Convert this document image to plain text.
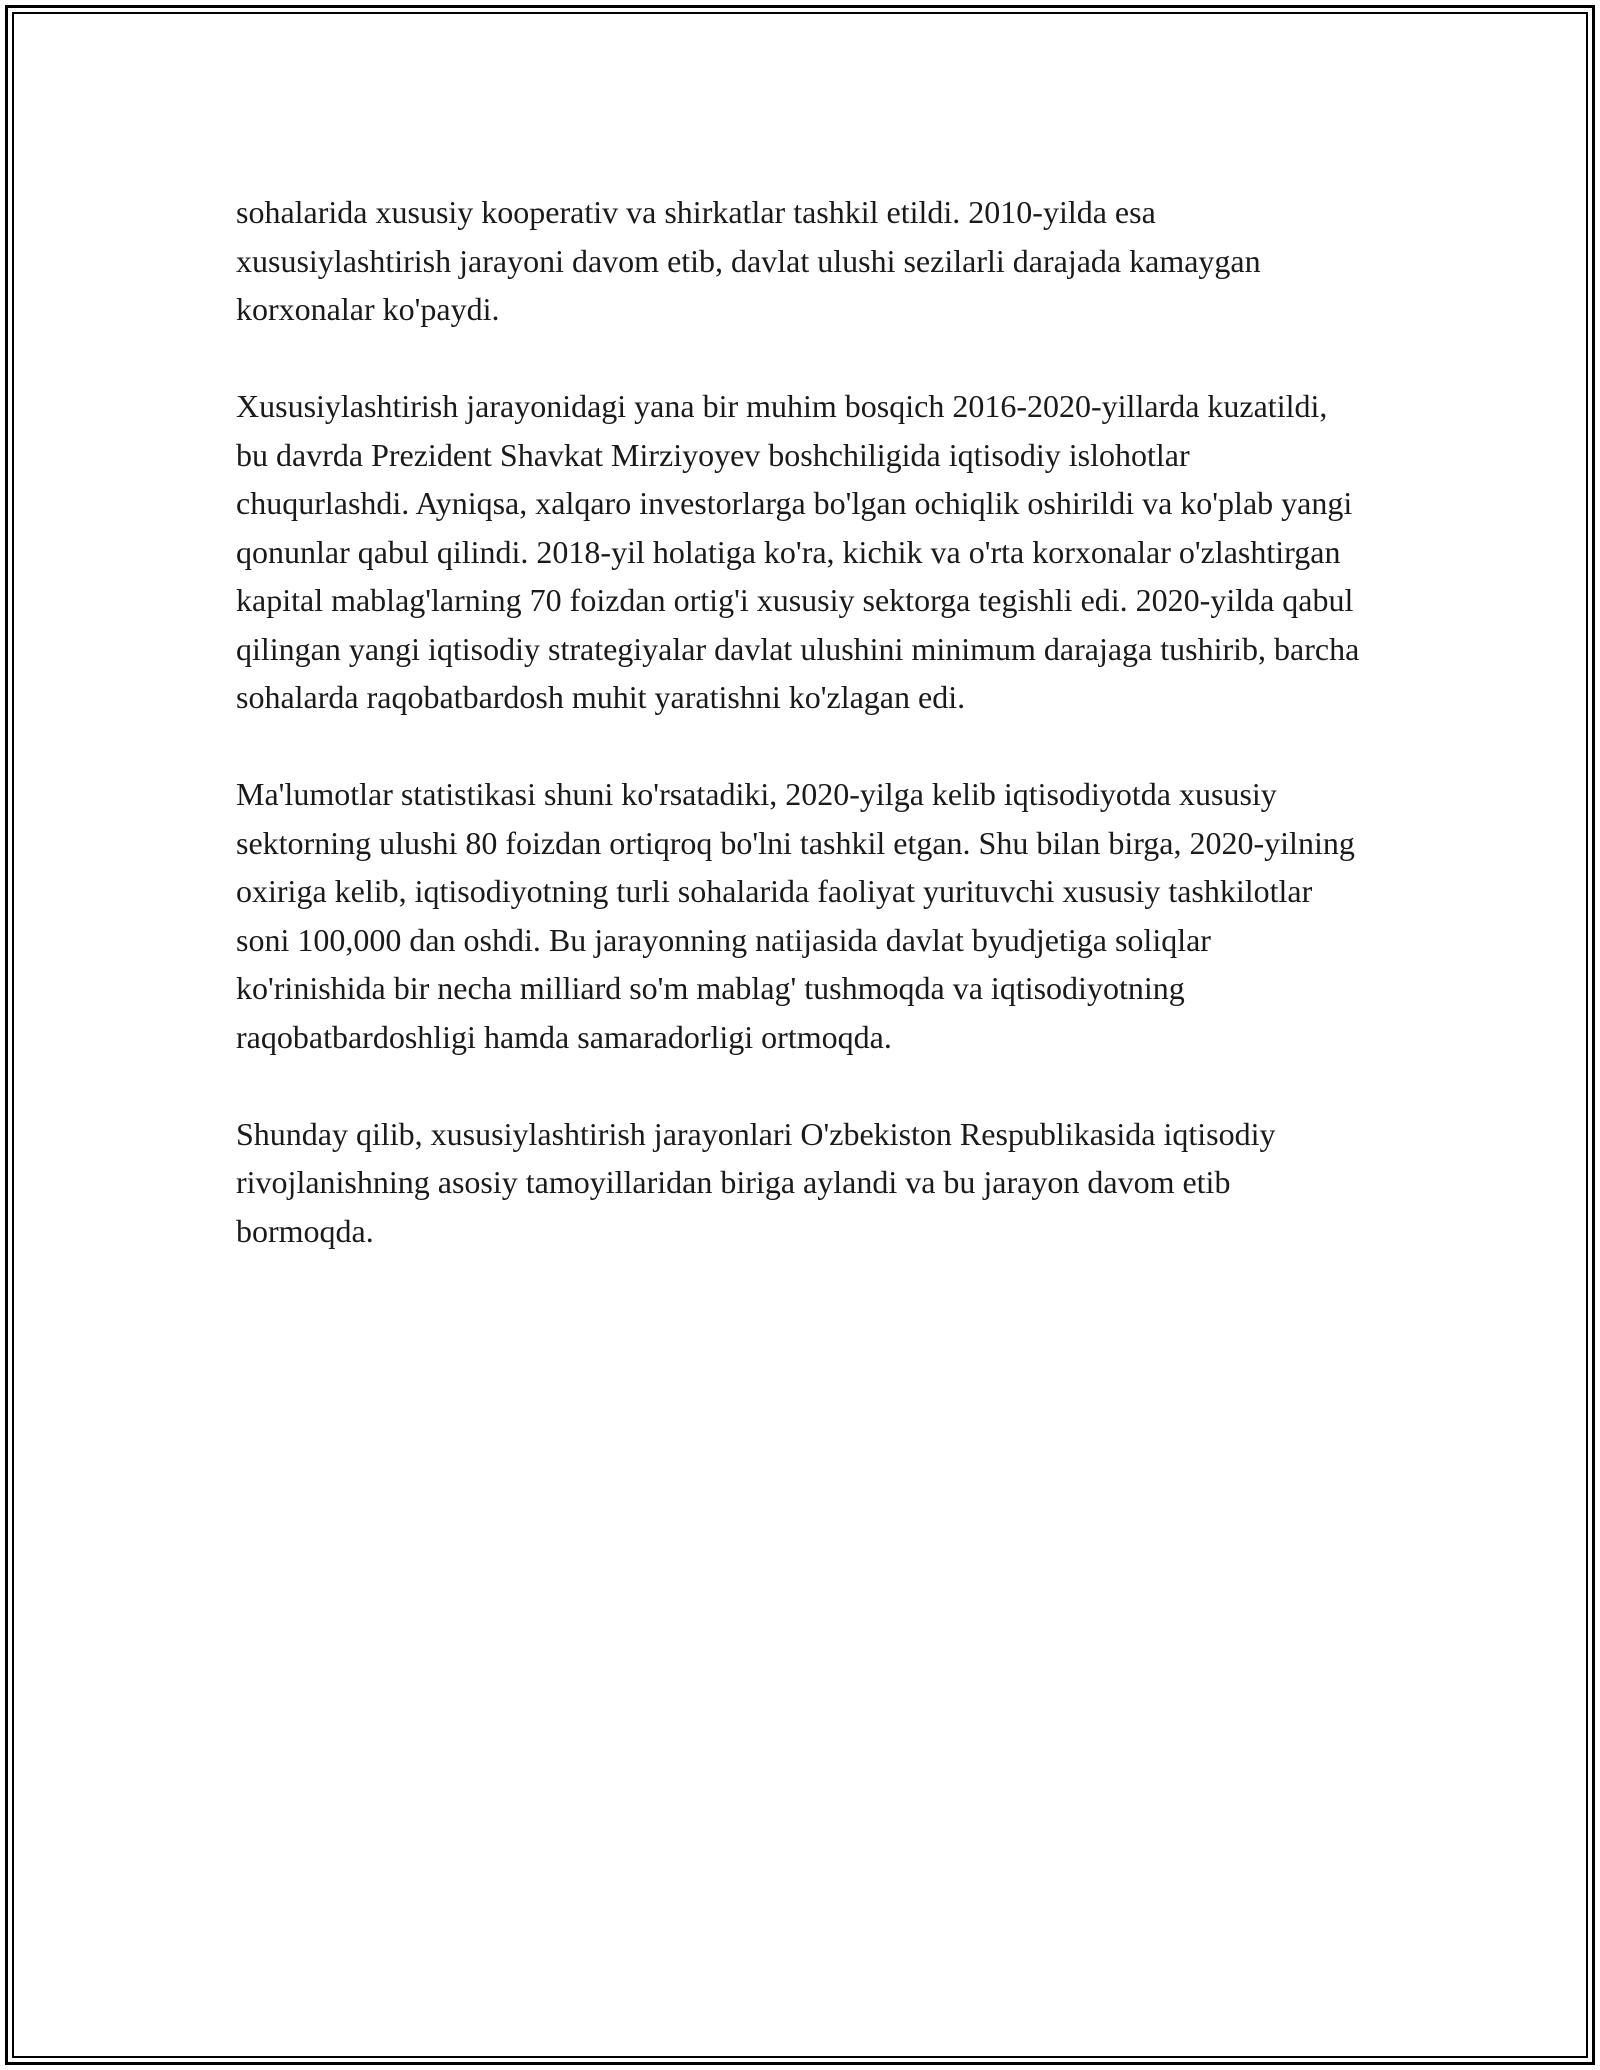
sohalarida xususiy kooperativ va shirkatlar tashkil etildi. 2010-yilda esa xususiylashtirish jarayoni davom etib, davlat ulushi sezilarli darajada kamaygan korxonalar ko'paydi.

Xususiylashtirish jarayonidagi yana bir muhim bosqich 2016-2020-yillarda kuzatildi, bu davrda Prezident Shavkat Mirziyoyev boshchiligida iqtisodiy islohotlar chuqurlashdi. Ayniqsa, xalqaro investorlarga bo'lgan ochiqlik oshirildi va ko'plab yangi qonunlar qabul qilindi. 2018-yil holatiga ko'ra, kichik va o'rta korxonalar o'zlashtirgan kapital mablag'larning 70 foizdan ortig'i xususiy sektorga tegishli edi. 2020-yilda qabul qilingan yangi iqtisodiy strategiyalar davlat ulushini minimum darajaga tushirib, barcha sohalarda raqobatbardosh muhit yaratishni ko'zlagan edi.

Ma'lumotlar statistikasi shuni ko'rsatadiki, 2020-yilga kelib iqtisodiyotda xususiy sektorning ulushi 80 foizdan ortiqroq bo'lni tashkil etgan. Shu bilan birga, 2020-yilning oxiriga kelib, iqtisodiyotning turli sohalarida faoliyat yurituvchi xususiy tashkilotlar soni 100,000 dan oshdi. Bu jarayonning natijasida davlat byudjetiga soliqlar ko'rinishida bir necha milliard so'm mablag' tushmoqda va iqtisodiyotning raqobatbardoshligi hamda samaradorligi ortmoqda.

Shunday qilib, xususiylashtirish jarayonlari O'zbekiston Respublikasida iqtisodiy rivojlanishning asosiy tamoyillaridan biriga aylandi va bu jarayon davom etib bormoqda.
